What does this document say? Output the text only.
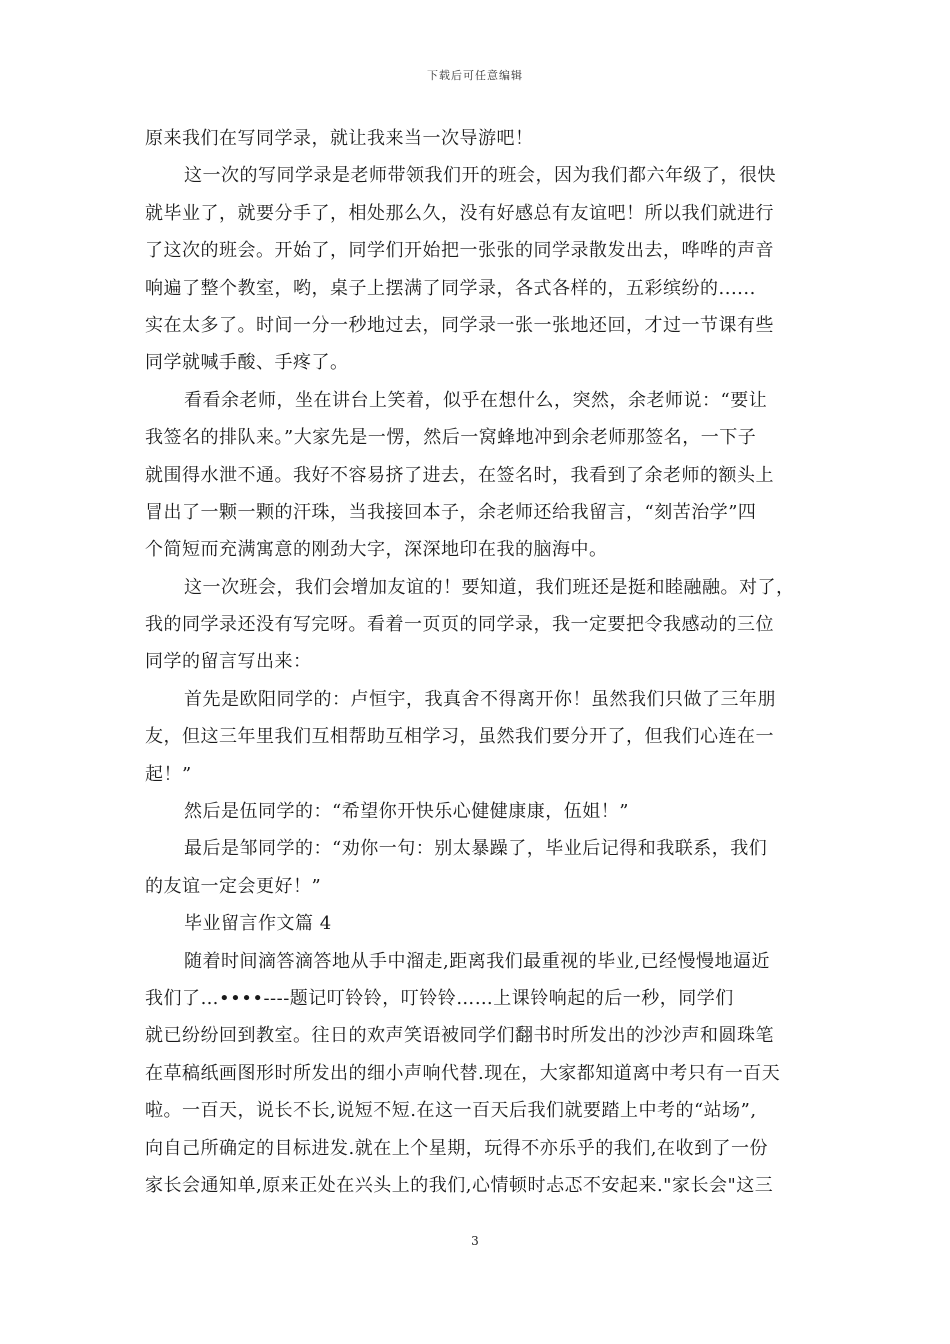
下载后可任意编辑
原来我们在写同学录，就让我来当一次导游吧！
这一次的写同学录是老师带领我们开的班会，因为我们都六年级了，很快
就毕业了，就要分手了，相处那么久，没有好感总有友谊吧！所以我们就进行
了这次的班会。开始了，同学们开始把一张张的同学录散发出去，哗哗的声音
响遍了整个教室，哟，桌子上摆满了同学录，各式各样的，五彩缤纷的......
实在太多了。时间一分一秒地过去，同学录一张一张地还回，才过一节课有些
同学就喊手酸、手疼了。
看看余老师，坐在讲台上笑着，似乎在想什么，突然，余老师说：“要让
我签名的排队来。”大家先是一愣，然后一窝蜂地冲到余老师那签名，一下子
就围得水泄不通。我好不容易挤了进去，在签名时，我看到了余老师的额头上
冒出了一颗一颗的汗珠，当我接回本子，余老师还给我留言，“刻苦治学”四
个简短而充满寓意的刚劲大字，深深地印在我的脑海中。
这一次班会，我们会增加友谊的！要知道，我们班还是挺和睦融融。对了，
我的同学录还没有写完呀。看着一页页的同学录，我一定要把令我感动的三位
同学的留言写出来：
首先是欧阳同学的：卢恒宇，我真舍不得离开你！虽然我们只做了三年朋
友，但这三年里我们互相帮助互相学习，虽然我们要分开了，但我们心连在一
起！”
然后是伍同学的：“希望你开快乐心健健康康，伍姐！”
最后是邹同学的：“劝你一句：别太暴躁了，毕业后记得和我联系，我们
的友谊一定会更好！”
毕业留言作文篇 4
随着时间滴答滴答地从手中溜走,距离我们最重视的毕业,已经慢慢地逼近
我们了…••••----题记叮铃铃，叮铃铃……上课铃响起的后一秒，同学们
就已纷纷回到教室。往日的欢声笑语被同学们翻书时所发出的沙沙声和圆珠笔
在草稿纸画图形时所发出的细小声响代替.现在，大家都知道离中考只有一百天
啦。一百天，说长不长,说短不短.在这一百天后我们就要踏上中考的“站场”,
向自己所确定的目标进发.就在上个星期，玩得不亦乐乎的我们,在收到了一份
家长会通知单,原来正处在兴头上的我们,心情顿时忐忑不安起来."家长会"这三
3
